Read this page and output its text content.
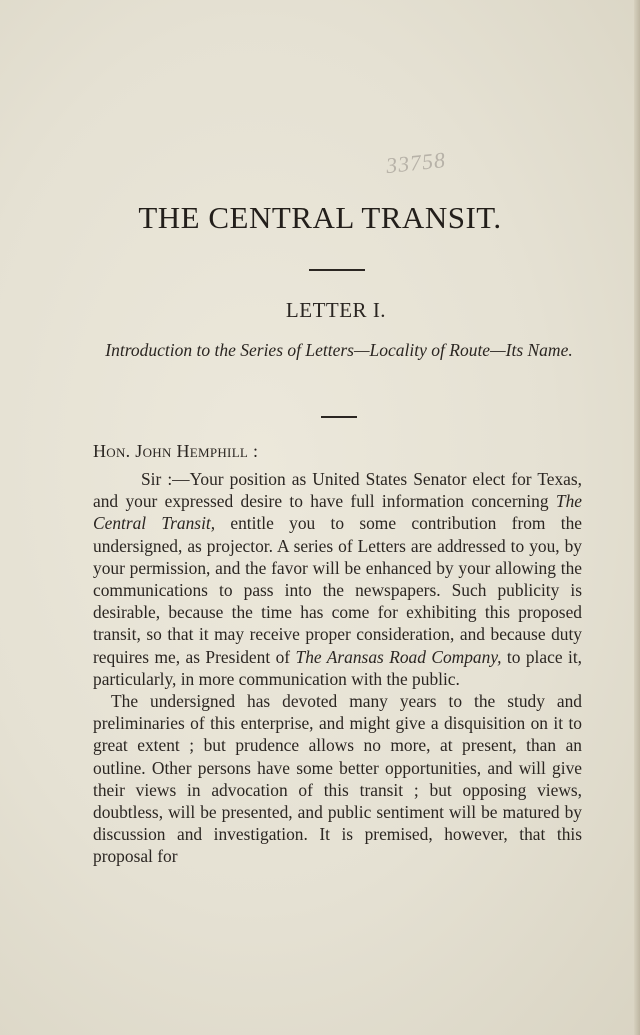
33758
THE CENTRAL TRANSIT.
LETTER I.
Introduction to the Series of Letters—Locality of Route—Its Name.
Hon. John Hemphill :

Sir :—Your position as United States Senator elect for Texas, and your expressed desire to have full information concerning The Central Transit, entitle you to some contribution from the undersigned, as projector. A series of Letters are addressed to you, by your permission, and the favor will be enhanced by your allowing the communications to pass into the newspapers. Such publicity is desirable, because the time has come for exhibiting this proposed transit, so that it may receive proper consideration, and because duty requires me, as President of The Aransas Road Company, to place it, particularly, in more communication with the public.

The undersigned has devoted many years to the study and preliminaries of this enterprise, and might give a disquisition on it to great extent ; but prudence allows no more, at present, than an outline. Other persons have some better opportunities, and will give their views in advocation of this transit ; but opposing views, doubtless, will be presented, and public sentiment will be matured by discussion and investigation. It is premised, however, that this proposal for
